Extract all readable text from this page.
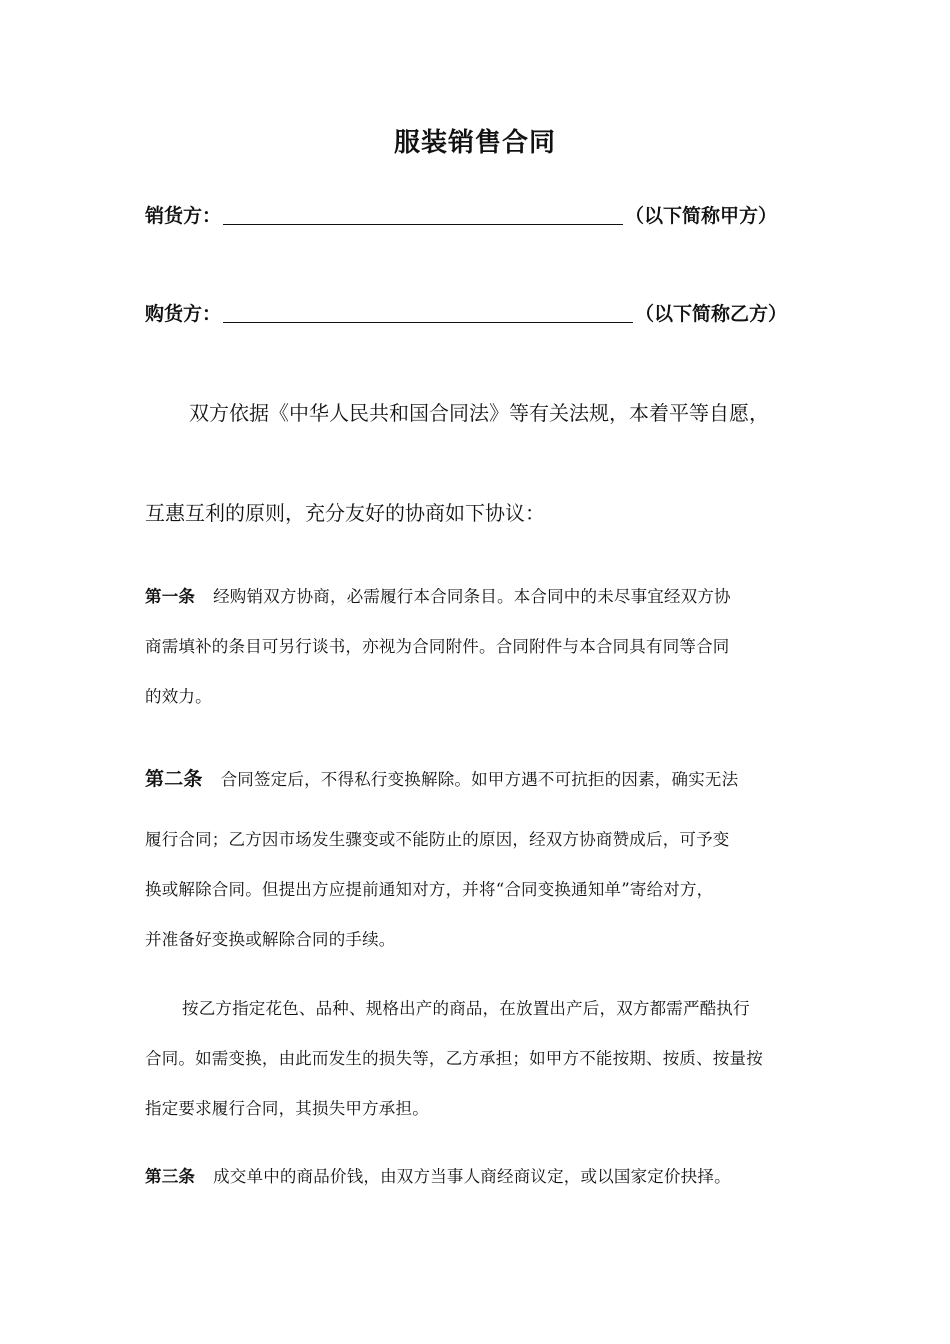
服装销售合同
销货方：	（以下简称甲方）
购货方：	（以下简称乙方）
双方依据《中华人民共和国合同法》等有关法规，本着平等自愿，
互惠互利的原则，充分友好的协商如下协议：
第一条 经购销双方协商，必需履行本合同条目。本合同中的未尽事宜经双方协
商需填补的条目可另行谈书，亦视为合同附件。合同附件与本合同具有同等合同
的效力。
第二条 合同签定后，不得私行变换解除。如甲方遇不可抗拒的因素，确实无法
履行合同；乙方因市场发生骤变或不能防止的原因，经双方协商赞成后，可予变
换或解除合同。但提出方应提前通知对方，并将“合同变换通知单”寄给对方，
并准备好变换或解除合同的手续。
按乙方指定花色、品种、规格出产的商品，在放置出产后，双方都需严酷执行
合同。如需变换，由此而发生的损失等，乙方承担；如甲方不能按期、按质、按量按
指定要求履行合同，其损失甲方承担。
第三条 成交单中的商品价钱，由双方当事人商经商议定，或以国家定价抉择。
